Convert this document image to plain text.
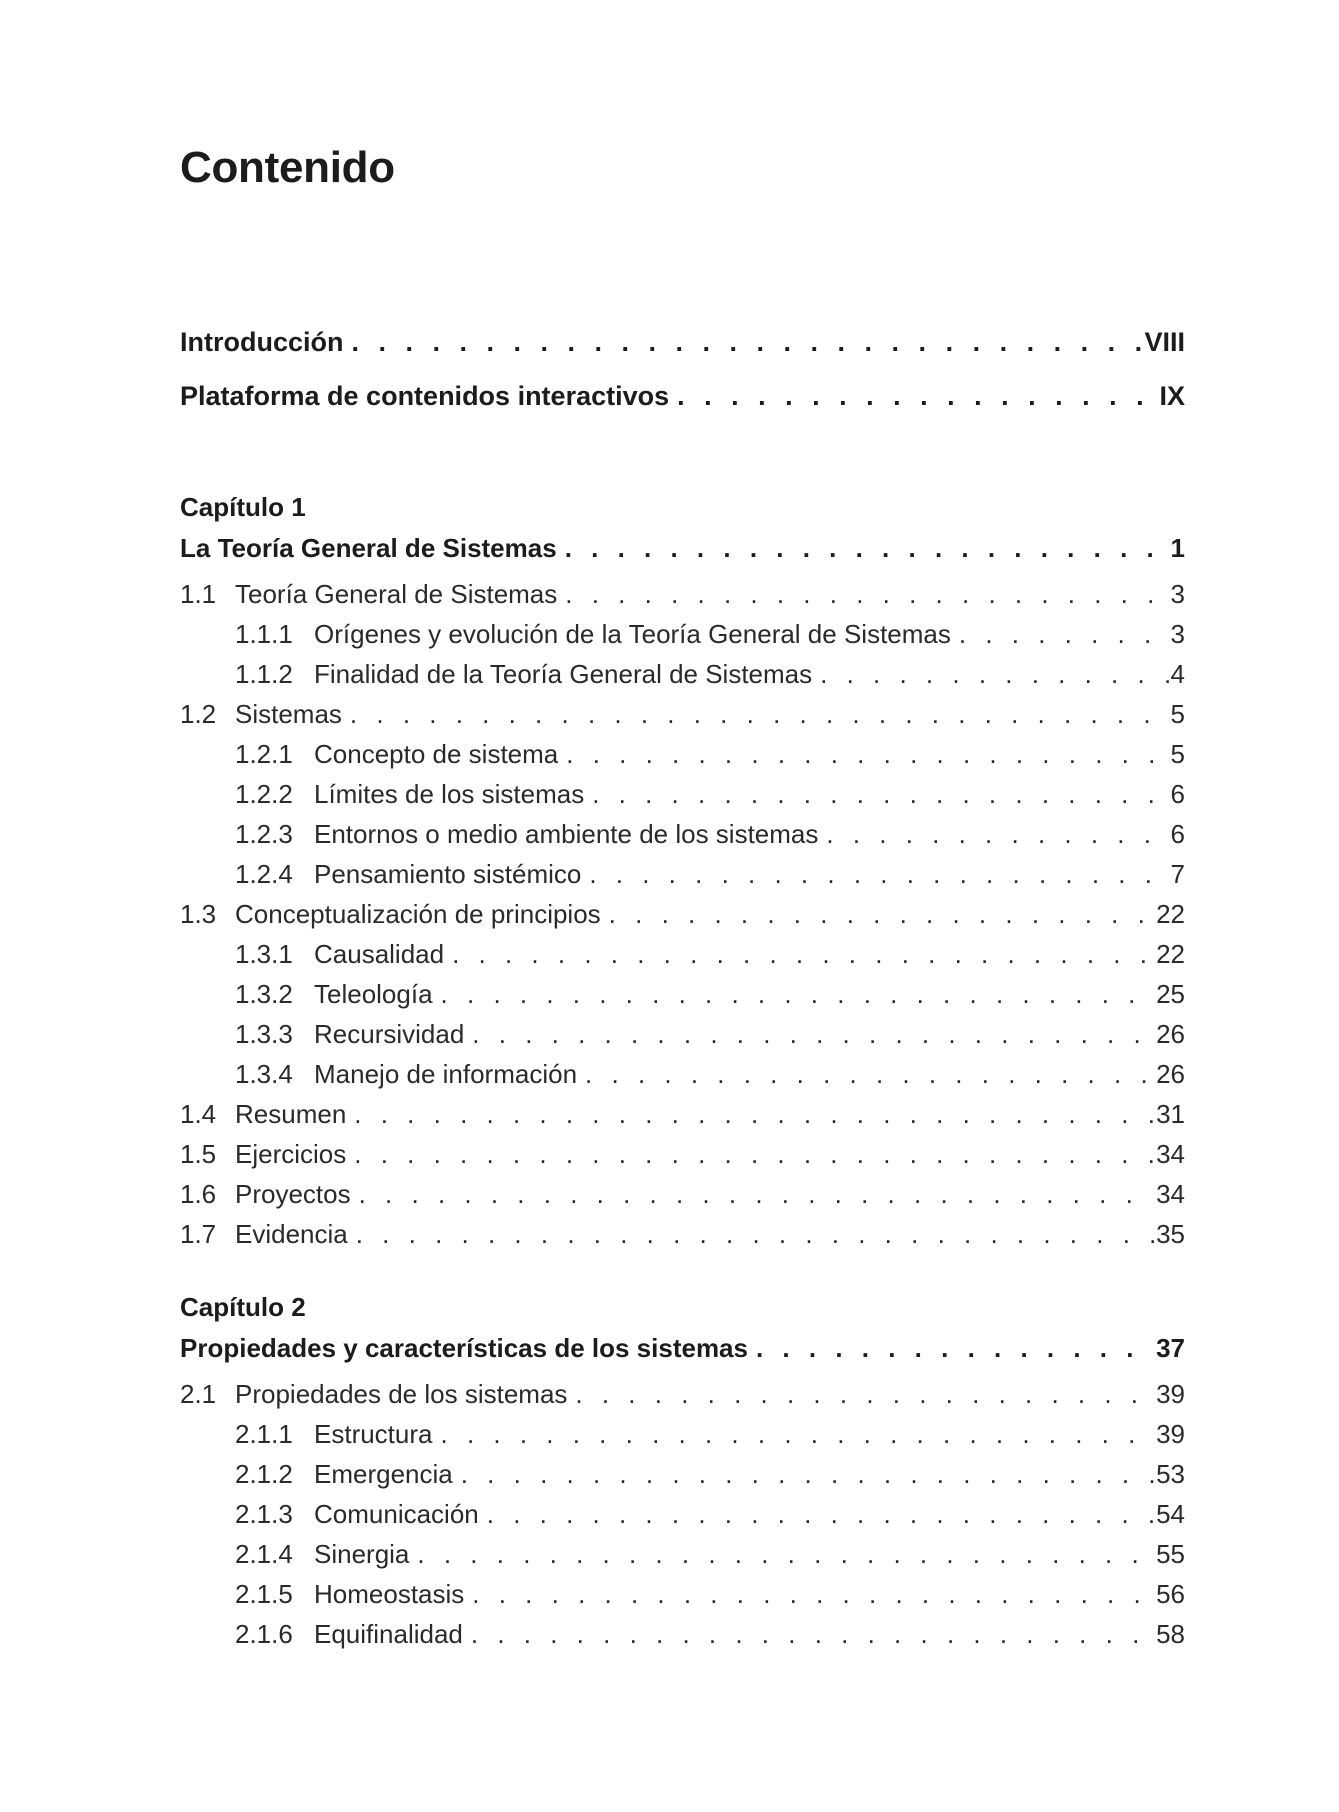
Contenido
Introducción . . .	VIII
Plataforma de contenidos interactivos . . .	IX
Capítulo 1
La Teoría General de Sistemas . . .	1
1.1 Teoría General de Sistemas . . .	3
1.1.1 Orígenes y evolución de la Teoría General de Sistemas . . .	3
1.1.2 Finalidad de la Teoría General de Sistemas . . .	4
1.2 Sistemas . . .	5
1.2.1 Concepto de sistema . . .	5
1.2.2 Límites de los sistemas . . .	6
1.2.3 Entornos o medio ambiente de los sistemas . . .	6
1.2.4 Pensamiento sistémico . . .	7
1.3 Conceptualización de principios . . .	22
1.3.1 Causalidad . . .	22
1.3.2 Teleología . . .	25
1.3.3 Recursividad . . .	26
1.3.4 Manejo de información . . .	26
1.4 Resumen . . .	31
1.5 Ejercicios . . .	34
1.6 Proyectos . . .	34
1.7 Evidencia . . .	35
Capítulo 2
Propiedades y características de los sistemas . . .	37
2.1 Propiedades de los sistemas . . .	39
2.1.1 Estructura . . .	39
2.1.2 Emergencia . . .	53
2.1.3 Comunicación . . .	54
2.1.4 Sinergia . . .	55
2.1.5 Homeostasis . . .	56
2.1.6 Equifinalidad . . .	58
